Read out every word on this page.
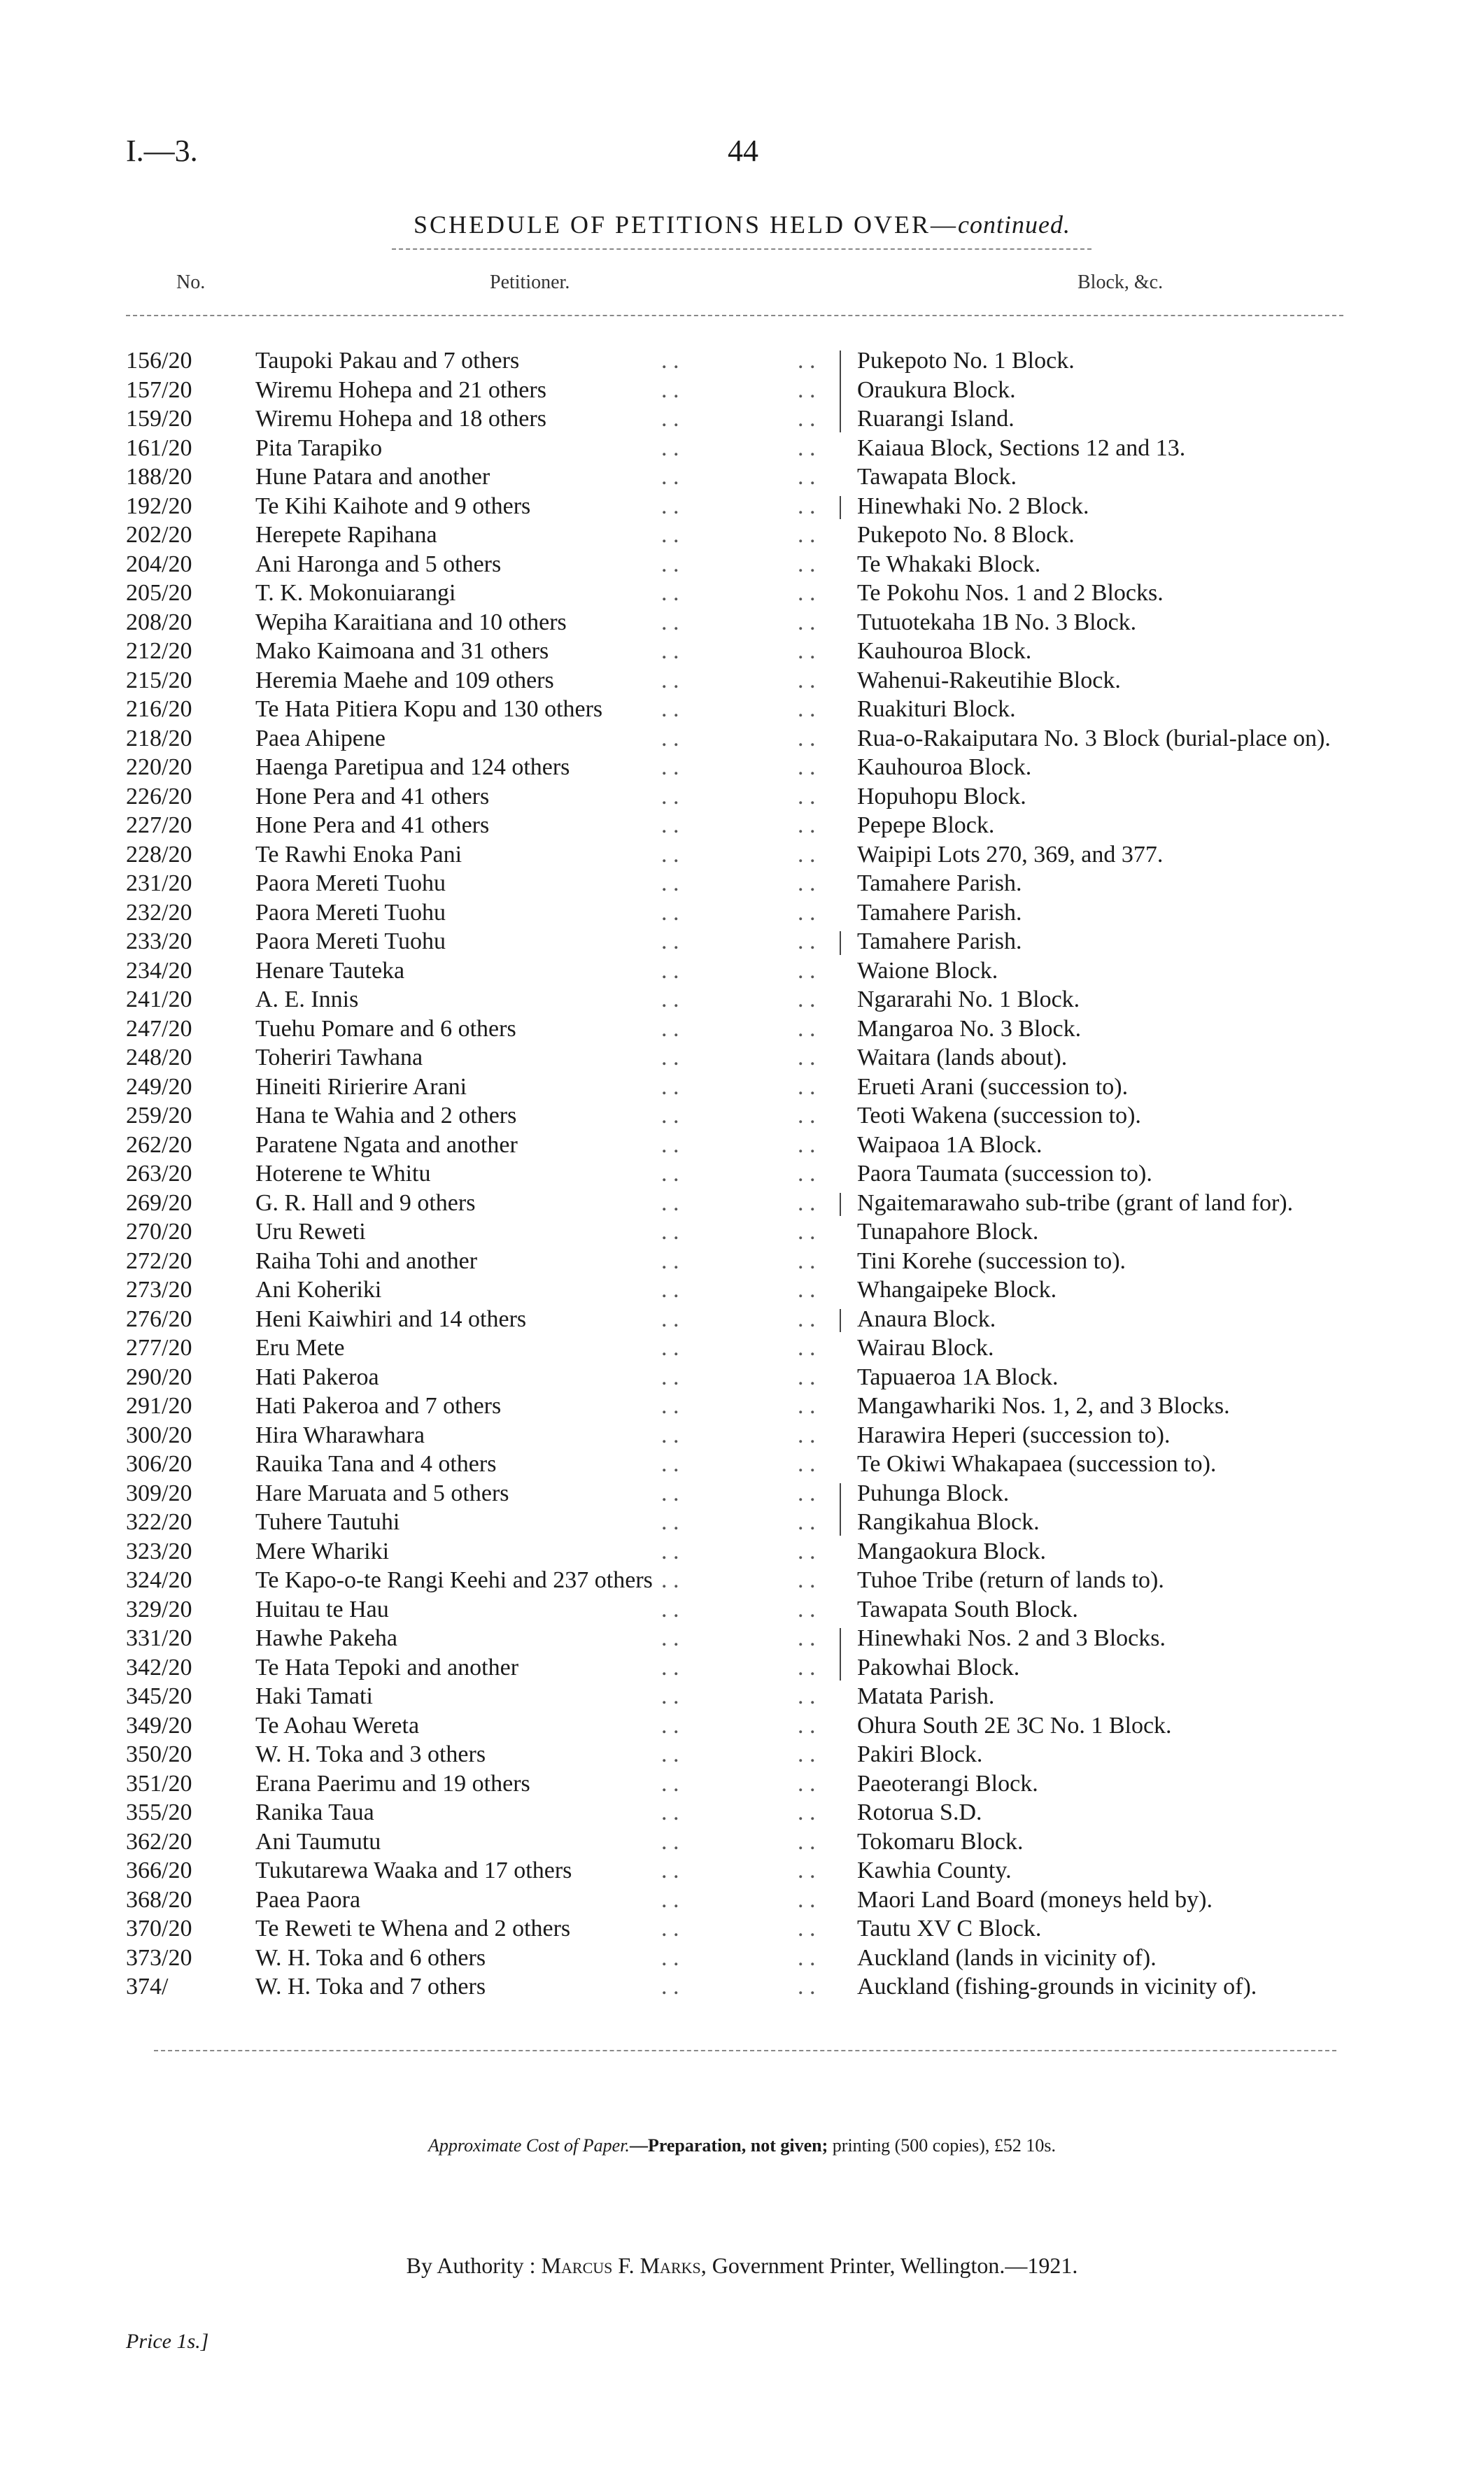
I.—3.	44
SCHEDULE OF PETITIONS HELD OVER—continued.
No.	Petitioner.	Block, &c.
156/20	Taupoki Pakau and 7 others	. .	. . Pukepoto No. 1 Block.
157/20	Wiremu Hohepa and 21 others	. .	. . Oraukura Block.
159/20	Wiremu Hohepa and 18 others	. .	. . Ruarangi Island.
161/20	Pita Tarapiko	. .	. . Kaiaua Block, Sections 12 and 13.
188/20	Hune Patara and another	. .	. . Tawapata Block.
192/20	Te Kihi Kaihote and 9 others	. .	. . Hinewhaki No. 2 Block.
202/20	Herepete Rapihana	. .	. . Pukepoto No. 8 Block.
204/20	Ani Haronga and 5 others	. .	. . Te Whakaki Block.
205/20	T. K. Mokonuiarangi	. .	. . Te Pokohu Nos. 1 and 2 Blocks.
208/20	Wepiha Karaitiana and 10 others	. .	. . Tutuotekaha 1B No. 3 Block.
212/20	Mako Kaimoana and 31 others	. .	. . Kauhouroa Block.
215/20	Heremia Maehe and 109 others	. .	. . Wahenui-Rakeutihie Block.
216/20	Te Hata Pitiera Kopu and 130 others	. .	. . Ruakituri Block.
218/20	Paea Ahipene	. .	. . Rua-o-Rakaiputara No. 3 Block (burial-place on).
220/20	Haenga Paretipua and 124 others	. .	. . Kauhouroa Block.
226/20	Hone Pera and 41 others	. .	. . Hopuhopu Block.
227/20	Hone Pera and 41 others	. .	. . Pepepe Block.
228/20	Te Rawhi Enoka Pani	. .	. . Waipipi Lots 270, 369, and 377.
231/20	Paora Mereti Tuohu	. .	. . Tamahere Parish.
232/20	Paora Mereti Tuohu	. .	. . Tamahere Parish.
233/20	Paora Mereti Tuohu	. .	. . Tamahere Parish.
234/20	Henare Tauteka	. .	. . Waione Block.
241/20	A. E. Innis	. .	. . Ngararahi No. 1 Block.
247/20	Tuehu Pomare and 6 others	. .	. . Mangaroa No. 3 Block.
248/20	Toheriri Tawhana	. .	. . Waitara (lands about).
249/20	Hineiti Ririerire Arani	. .	. . Erueti Arani (succession to).
259/20	Hana te Wahia and 2 others	. .	. . Teoti Wakena (succession to).
262/20	Paratene Ngata and another	. .	. . Waipaoa 1A Block.
263/20	Hoterene te Whitu	. .	. . Paora Taumata (succession to).
269/20	G. R. Hall and 9 others	. .	. . Ngaitemarawaho sub-tribe (grant of land for).
270/20	Uru Reweti	. .	. . Tunapahore Block.
272/20	Raiha Tohi and another	. .	. . Tini Korehe (succession to).
273/20	Ani Koheriki	. .	. . Whangaipeke Block.
276/20	Heni Kaiwhiri and 14 others	. .	. . Anaura Block.
277/20	Eru Mete	. .	. . Wairau Block.
290/20	Hati Pakeroa	. .	. . Tapuaeroa 1A Block.
291/20	Hati Pakeroa and 7 others	. .	. . Mangawhariki Nos. 1, 2, and 3 Blocks.
300/20	Hira Wharawhara	. .	. . Harawira Heperi (succession to).
306/20	Rauika Tana and 4 others	. .	. . Te Okiwi Whakapaea (succession to).
309/20	Hare Maruata and 5 others	. .	. . Puhunga Block.
322/20	Tuhere Tautuhi	. .	. . Rangikahua Block.
323/20	Mere Whariki	. .	. . Mangaokura Block.
324/20	Te Kapo-o-te Rangi Keehi and 237 others . .	. . Tuhoe Tribe (return of lands to).
329/20	Huitau te Hau	. .	. . Tawapata South Block.
331/20	Hawhe Pakeha	. .	. . Hinewhaki Nos. 2 and 3 Blocks.
342/20	Te Hata Tepoki and another	. .	. . Pakowhai Block.
345/20	Haki Tamati	. .	. . Matata Parish.
349/20	Te Aohau Wereta	. .	. . Ohura South 2E 3C No. 1 Block.
350/20	W. H. Toka and 3 others	. .	. . Pakiri Block.
351/20	Erana Paerimu and 19 others	. .	. . Paeoterangi Block.
355/20	Ranika Taua	. .	. . Rotorua S.D.
362/20	Ani Taumutu	. .	. . Tokomaru Block.
366/20	Tukutarewa Waaka and 17 others	. .	. . Kawhia County.
368/20	Paea Paora	. .	. . Maori Land Board (moneys held by).
370/20	Te Reweti te Whena and 2 others	. .	. . Tautu XV C Block.
373/20	W. H. Toka and 6 others	. .	. . Auckland (lands in vicinity of).
374/	W. H. Toka and 7 others	. .	. . Auckland (fishing-grounds in vicinity of).
Approximate Cost of Paper.—Preparation, not given; printing (500 copies), £52 10s.
By Authority : Marcus F. Marks, Government Printer, Wellington.—1921.
Price 1s.]
